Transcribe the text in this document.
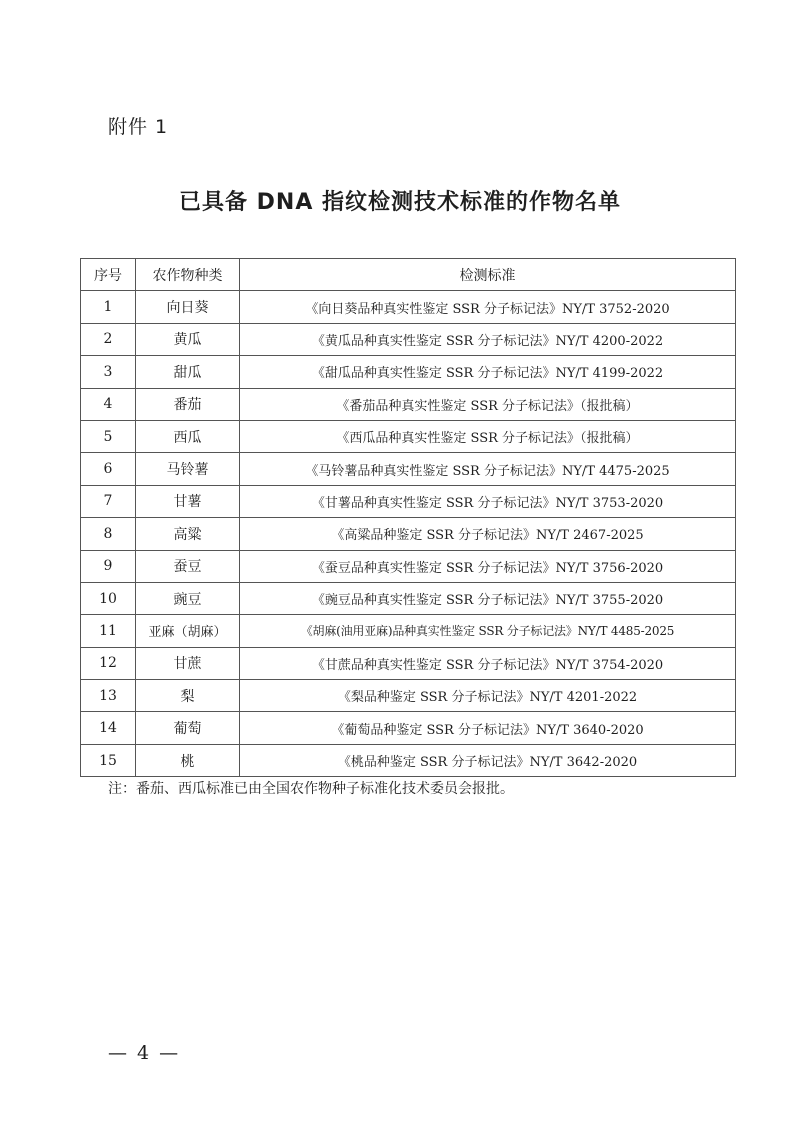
附件 1
已具备 DNA 指纹检测技术标准的作物名单
序号	农作物种类	检测标准
1	向日葵	《向日葵品种真实性鉴定 SSR 分子标记法》NY/T 3752-2020
2	黄瓜	《黄瓜品种真实性鉴定 SSR 分子标记法》NY/T 4200-2022
3	甜瓜	《甜瓜品种真实性鉴定 SSR 分子标记法》NY/T 4199-2022
4	番茄	《番茄品种真实性鉴定 SSR 分子标记法》（报批稿）
5	西瓜	《西瓜品种真实性鉴定 SSR 分子标记法》（报批稿）
6	马铃薯	《马铃薯品种真实性鉴定 SSR 分子标记法》NY/T 4475-2025
7	甘薯	《甘薯品种真实性鉴定 SSR 分子标记法》NY/T 3753-2020
8	高粱	《高粱品种鉴定 SSR 分子标记法》NY/T 2467-2025
9	蚕豆	《蚕豆品种真实性鉴定 SSR 分子标记法》NY/T 3756-2020
10	豌豆	《豌豆品种真实性鉴定 SSR 分子标记法》NY/T 3755-2020
11	亚麻（胡麻）	《胡麻(油用亚麻)品种真实性鉴定 SSR 分子标记法》NY/T 4485-2025
12	甘蔗	《甘蔗品种真实性鉴定 SSR 分子标记法》NY/T 3754-2020
13	梨	《梨品种鉴定 SSR 分子标记法》NY/T 4201-2022
14	葡萄	《葡萄品种鉴定 SSR 分子标记法》NY/T 3640-2020
15	桃	《桃品种鉴定 SSR 分子标记法》NY/T 3642-2020
注：番茄、西瓜标准已由全国农作物种子标准化技术委员会报批。
— 4 —
